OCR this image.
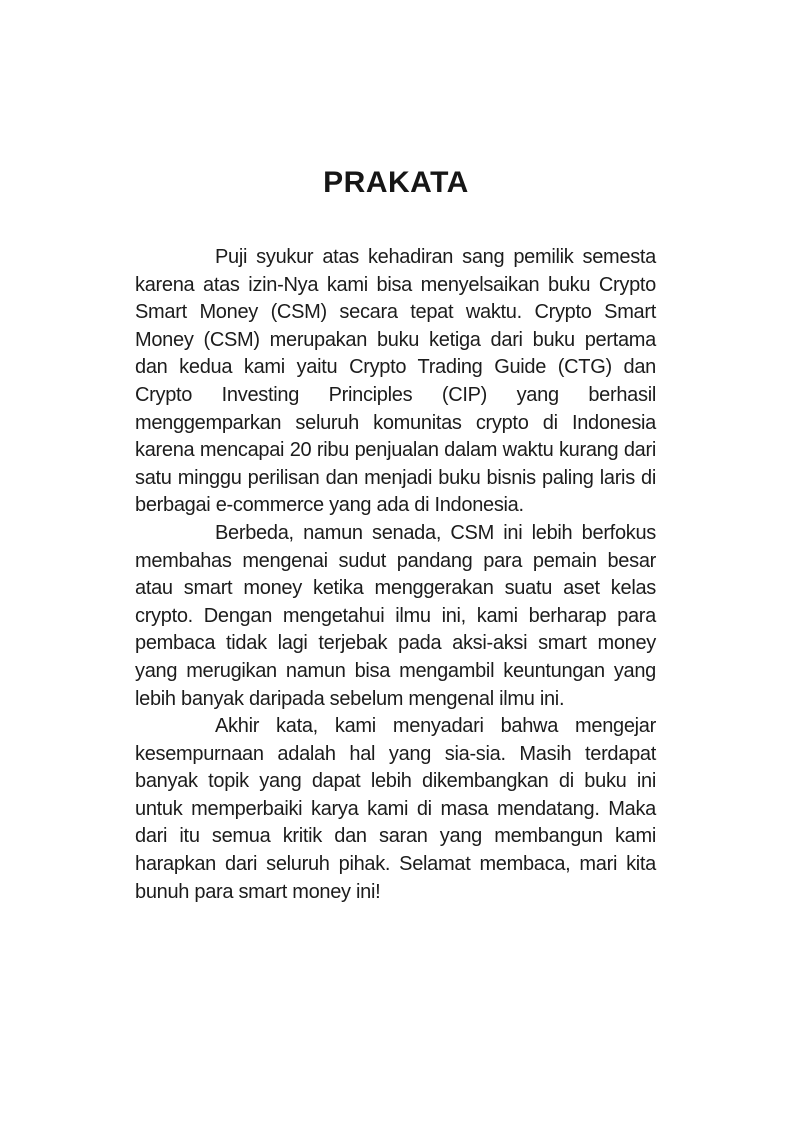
PRAKATA

Puji syukur atas kehadiran sang pemilik semesta karena atas izin-Nya kami bisa menyelsaikan buku Crypto Smart Money (CSM) secara tepat waktu. Crypto Smart Money (CSM) merupakan buku ketiga dari buku pertama dan kedua kami yaitu Crypto Trading Guide (CTG) dan Crypto Investing Principles (CIP) yang berhasil menggemparkan seluruh komunitas crypto di Indonesia karena mencapai 20 ribu penjualan dalam waktu kurang dari satu minggu perilisan dan menjadi buku bisnis paling laris di berbagai e-commerce yang ada di Indonesia.

Berbeda, namun senada, CSM ini lebih berfokus membahas mengenai sudut pandang para pemain besar atau smart money ketika menggerakan suatu aset kelas crypto. Dengan mengetahui ilmu ini, kami berharap para pembaca tidak lagi terjebak pada aksi-aksi smart money yang merugikan namun bisa mengambil keuntungan yang lebih banyak daripada sebelum mengenal ilmu ini.

Akhir kata, kami menyadari bahwa mengejar kesempurnaan adalah hal yang sia-sia. Masih terdapat banyak topik yang dapat lebih dikembangkan di buku ini untuk memperbaiki karya kami di masa mendatang. Maka dari itu semua kritik dan saran yang membangun kami harapkan dari seluruh pihak. Selamat membaca, mari kita bunuh para smart money ini!
